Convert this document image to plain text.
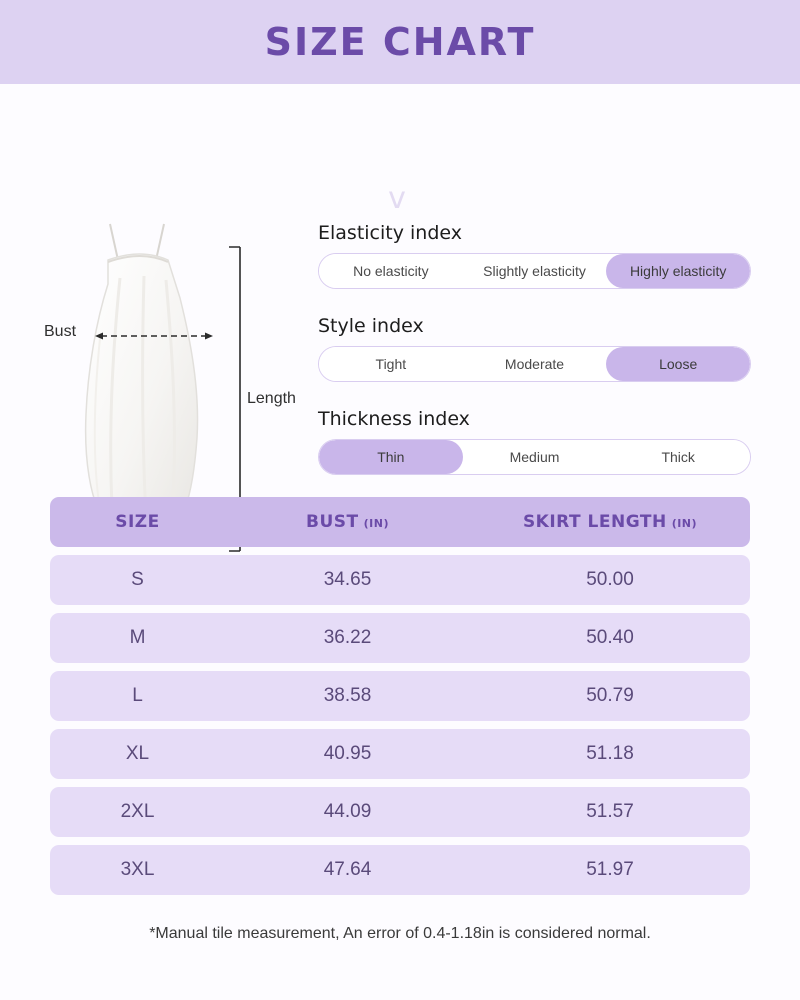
SIZE CHART
v
Bust
Length
Elasticity index
No elasticity	Slightly elasticity	Highly elasticity
Style index
Tight	Moderate	Loose
Thickness index
Thin	Medium	Thick
SIZE	BUST (IN)	SKIRT LENGTH (IN)
S	34.65	50.00
M	36.22	50.40
L	38.58	50.79
XL	40.95	51.18
2XL	44.09	51.57
3XL	47.64	51.97
*Manual tile measurement, An error of 0.4-1.18in is considered normal.
